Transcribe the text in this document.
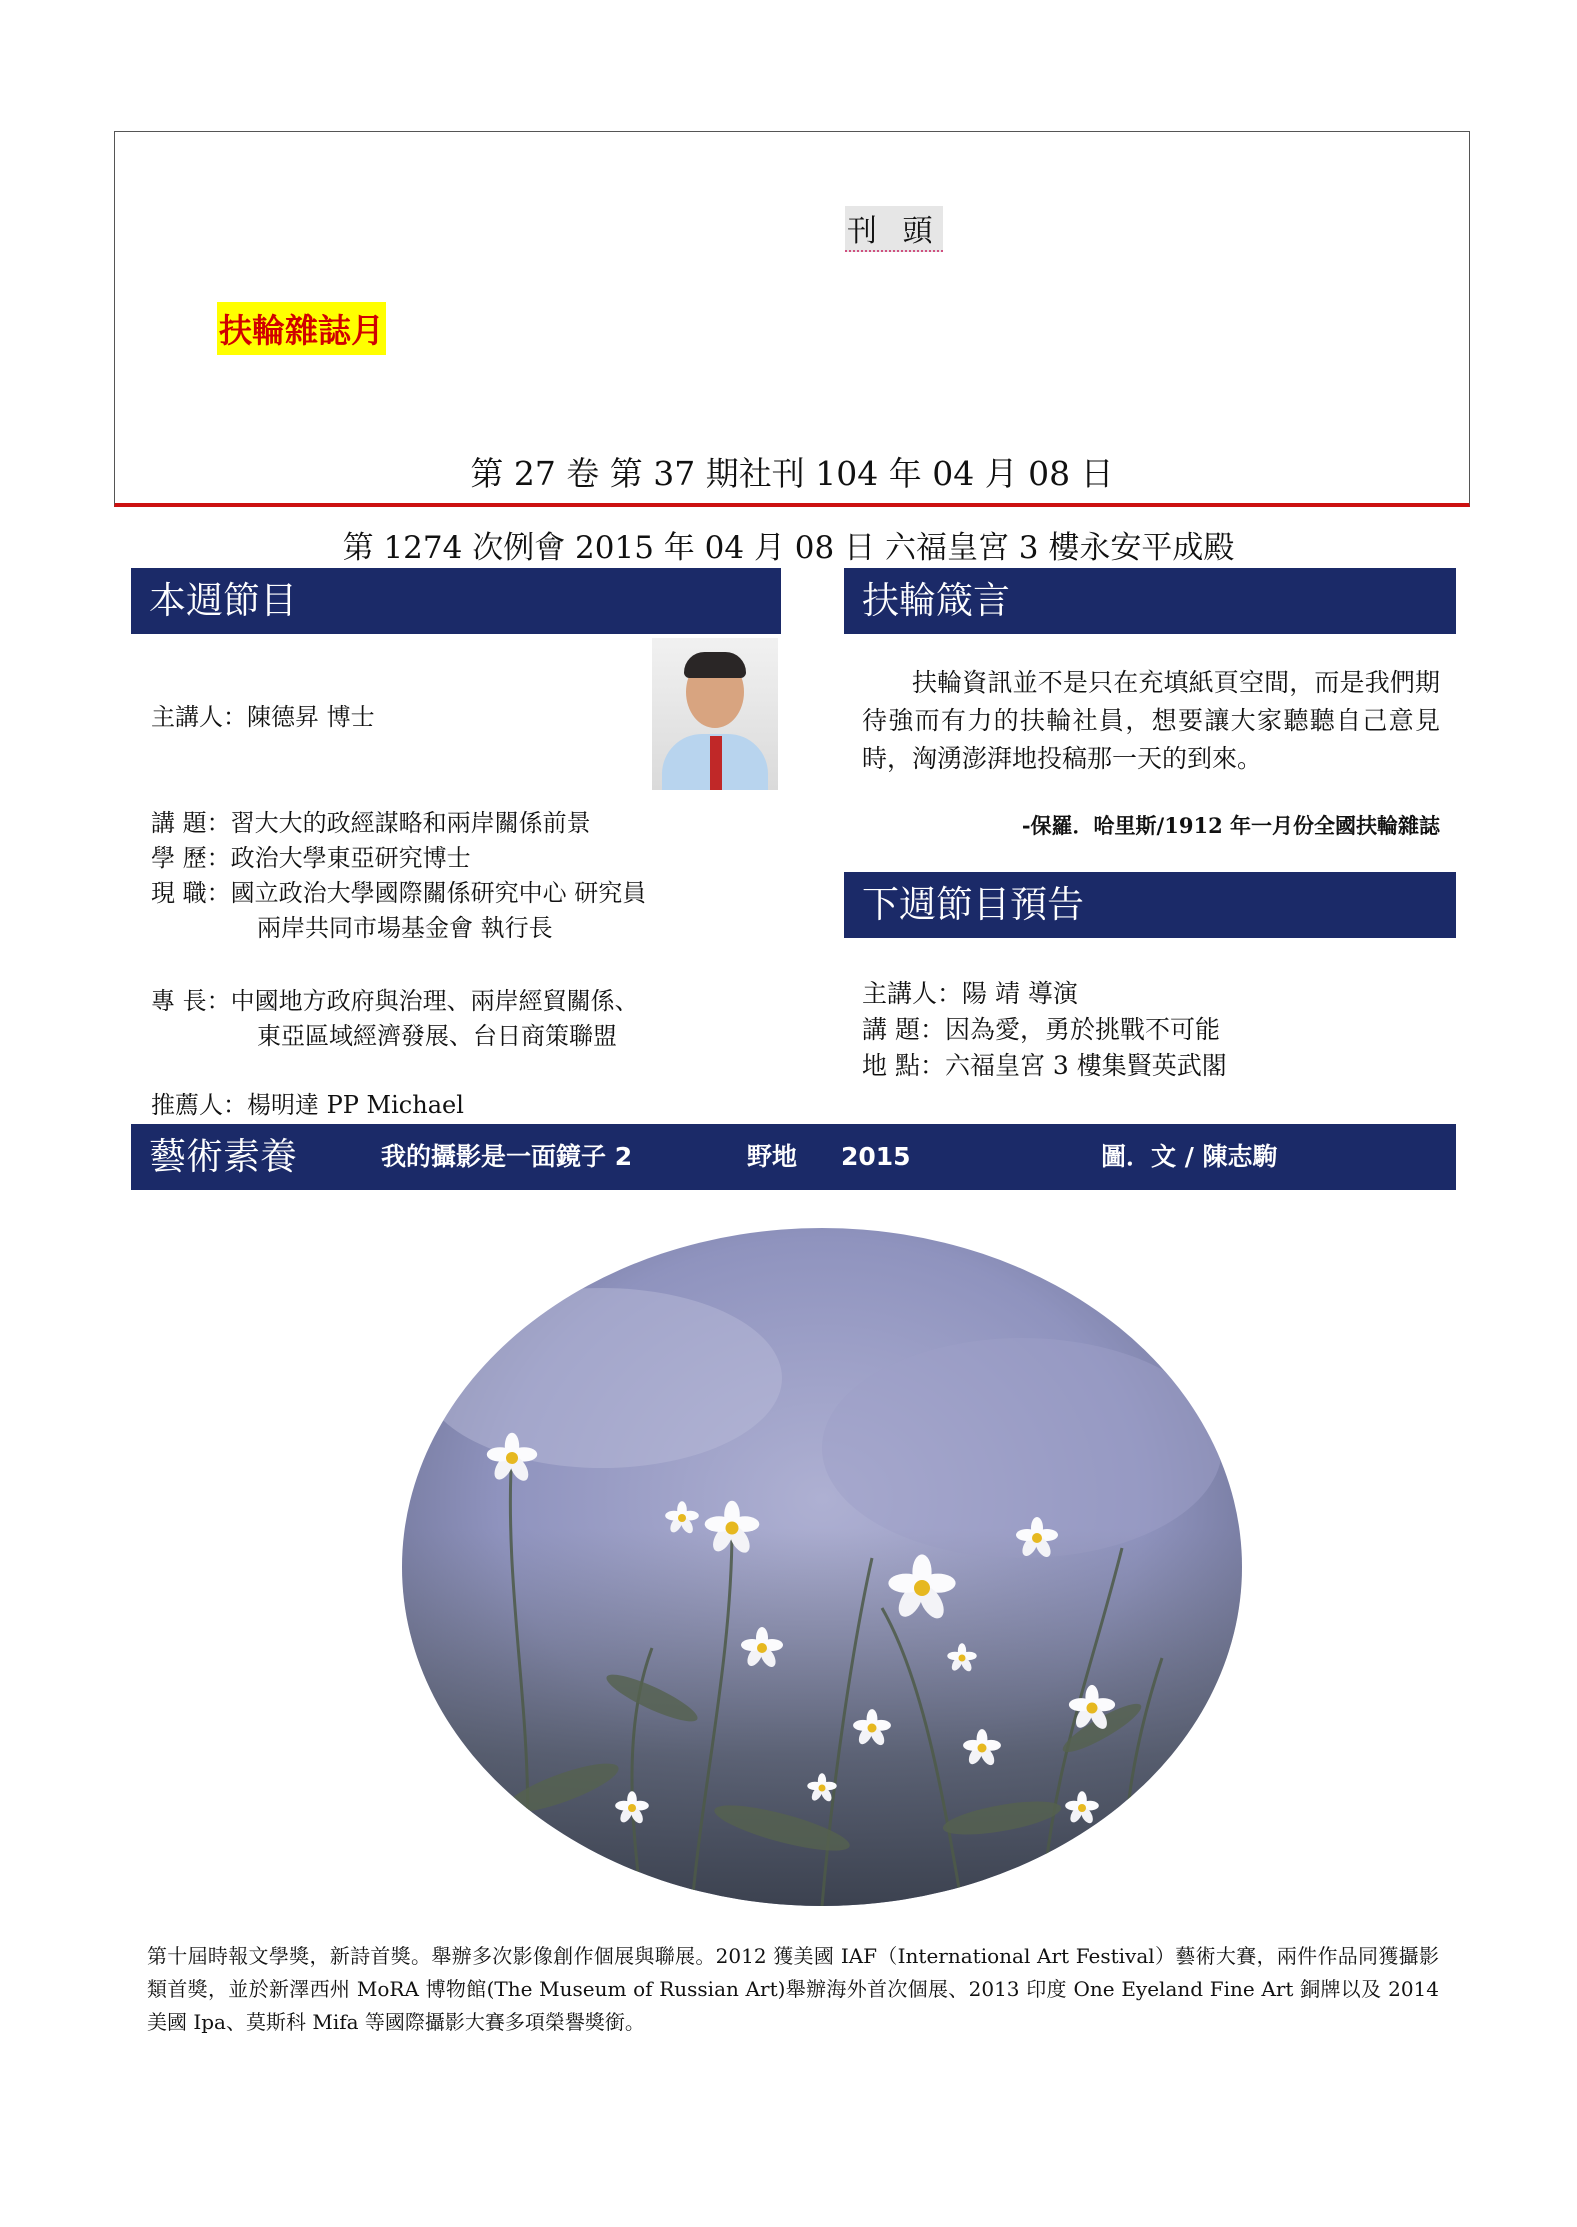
刊 頭
扶輪雜誌月
第 27 卷 第 37 期社刊 104 年 04 月 08 日
第 1274 次例會 2015 年 04 月 08 日 六福皇宮 3 樓永安平成殿
本週節目	扶輪箴言
主講人：陳德昇 博士
講 題：習大大的政經謀略和兩岸關係前景
學 歷：政治大學東亞研究博士
現 職：國立政治大學國際關係研究中心 研究員
兩岸共同市場基金會 執行長
專 長：中國地方政府與治理、兩岸經貿關係、
東亞區域經濟發展、台日商策聯盟
推薦人：楊明達 PP Michael
扶輪資訊並不是只在充填紙頁空間，而是我們期待強而有力的扶輪社員，想要讓大家聽聽自己意見時，洶湧澎湃地投稿那一天的到來。
-保羅．哈里斯/1912 年一月份全國扶輪雜誌
下週節目預告
主講人：陽 靖 導演
講 題：因為愛，勇於挑戰不可能
地 點：六福皇宮 3 樓集賢英武閣
藝術素養	我的攝影是一面鏡子 2	野地 2015	圖．文 / 陳志駒
第十屆時報文學獎，新詩首獎。舉辦多次影像創作個展與聯展。2012 獲美國 IAF（International Art Festival）藝術大賽，兩件作品同獲攝影類首獎，並於新澤西州 MoRA 博物館(The Museum of Russian Art)舉辦海外首次個展、2013 印度 One Eyeland Fine Art 銅牌以及 2014 美國 Ipa、莫斯科 Mifa 等國際攝影大賽多項榮譽獎銜。
